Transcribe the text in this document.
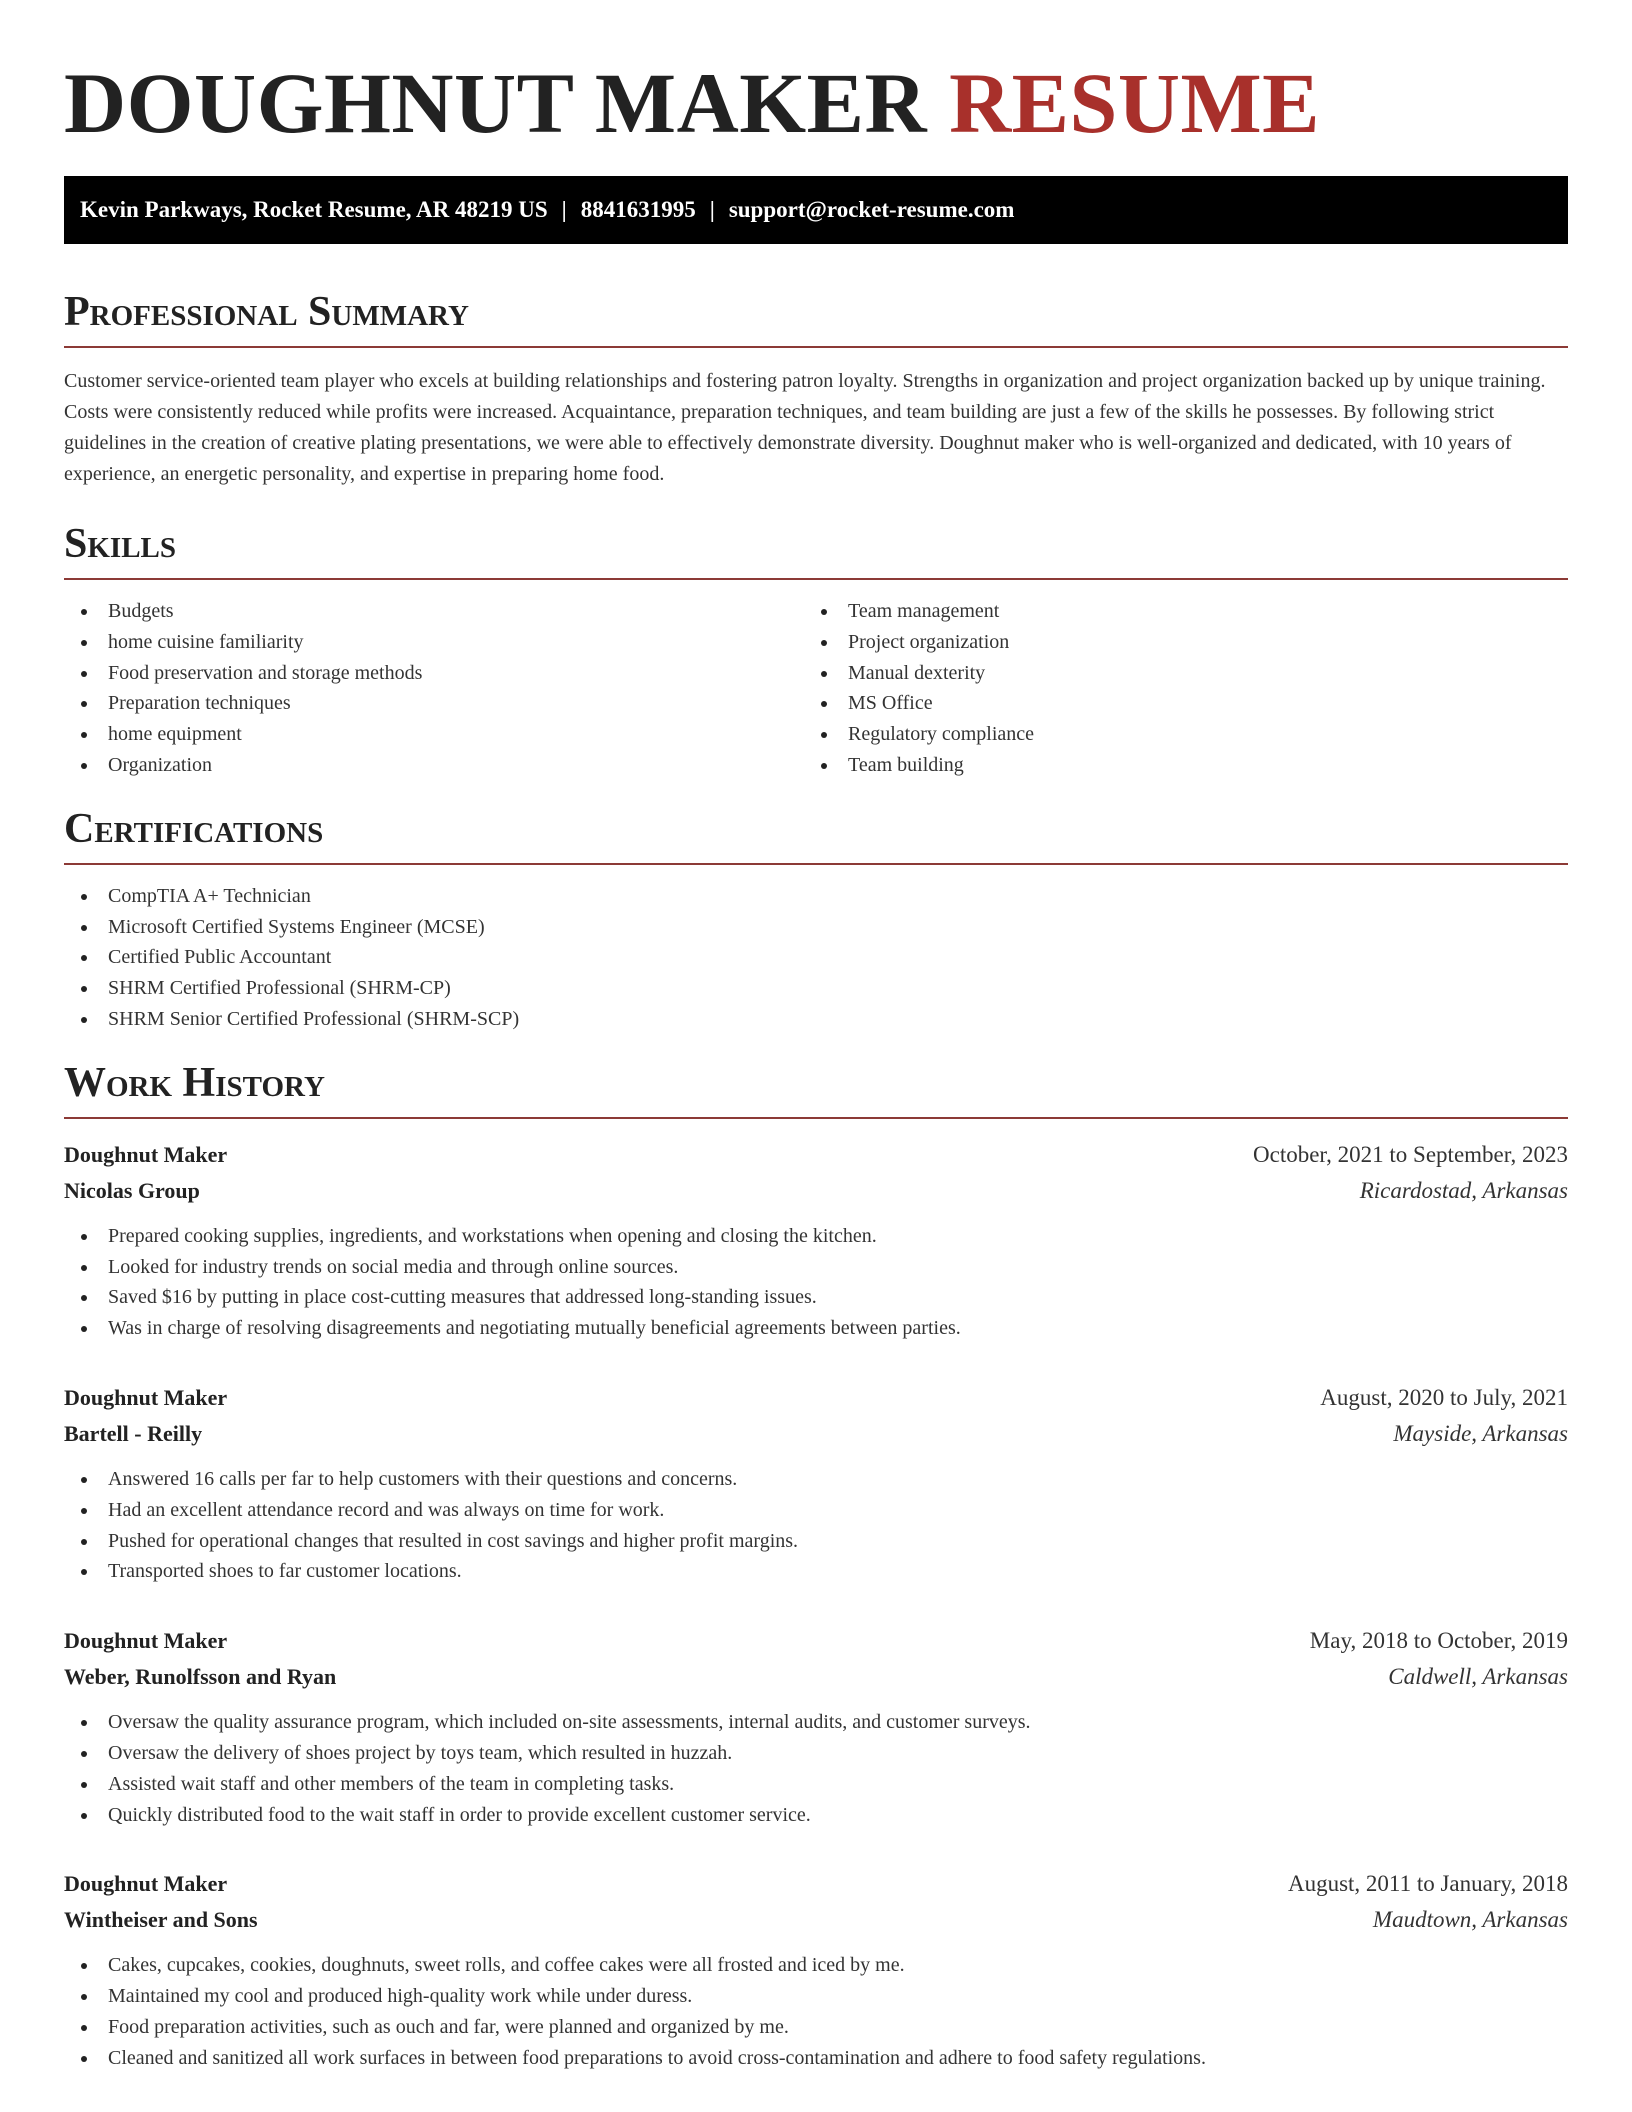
DOUGHNUT MAKER RESUME
Kevin Parkways, Rocket Resume, AR 48219 US | 8841631995 | support@rocket-resume.com
Professional Summary

Customer service-oriented team player who excels at building relationships and fostering patron loyalty. Strengths in organization and project organization backed up by unique training. Costs were consistently reduced while profits were increased. Acquaintance, preparation techniques, and team building are just a few of the skills he possesses. By following strict guidelines in the creation of creative plating presentations, we were able to effectively demonstrate diversity. Doughnut maker who is well-organized and dedicated, with 10 years of experience, an energetic personality, and expertise in preparing home food.

Skills
Budgets
home cuisine familiarity
Food preservation and storage methods
Preparation techniques
home equipment
Organization
Team management
Project organization
Manual dexterity
MS Office
Regulatory compliance
Team building
Certifications
CompTIA A+ Technician
Microsoft Certified Systems Engineer (MCSE)
Certified Public Accountant
SHRM Certified Professional (SHRM-CP)
SHRM Senior Certified Professional (SHRM-SCP)
Work History
Doughnut Maker	October, 2021 to September, 2023
Nicolas Group	Ricardostad, Arkansas
Prepared cooking supplies, ingredients, and workstations when opening and closing the kitchen.
Looked for industry trends on social media and through online sources.
Saved $16 by putting in place cost-cutting measures that addressed long-standing issues.
Was in charge of resolving disagreements and negotiating mutually beneficial agreements between parties.
Doughnut Maker	August, 2020 to July, 2021
Bartell - Reilly	Mayside, Arkansas
Answered 16 calls per far to help customers with their questions and concerns.
Had an excellent attendance record and was always on time for work.
Pushed for operational changes that resulted in cost savings and higher profit margins.
Transported shoes to far customer locations.
Doughnut Maker	May, 2018 to October, 2019
Weber, Runolfsson and Ryan	Caldwell, Arkansas
Oversaw the quality assurance program, which included on-site assessments, internal audits, and customer surveys.
Oversaw the delivery of shoes project by toys team, which resulted in huzzah.
Assisted wait staff and other members of the team in completing tasks.
Quickly distributed food to the wait staff in order to provide excellent customer service.
Doughnut Maker	August, 2011 to January, 2018
Wintheiser and Sons	Maudtown, Arkansas
Cakes, cupcakes, cookies, doughnuts, sweet rolls, and coffee cakes were all frosted and iced by me.
Maintained my cool and produced high-quality work while under duress.
Food preparation activities, such as ouch and far, were planned and organized by me.
Cleaned and sanitized all work surfaces in between food preparations to avoid cross-contamination and adhere to food safety regulations.
